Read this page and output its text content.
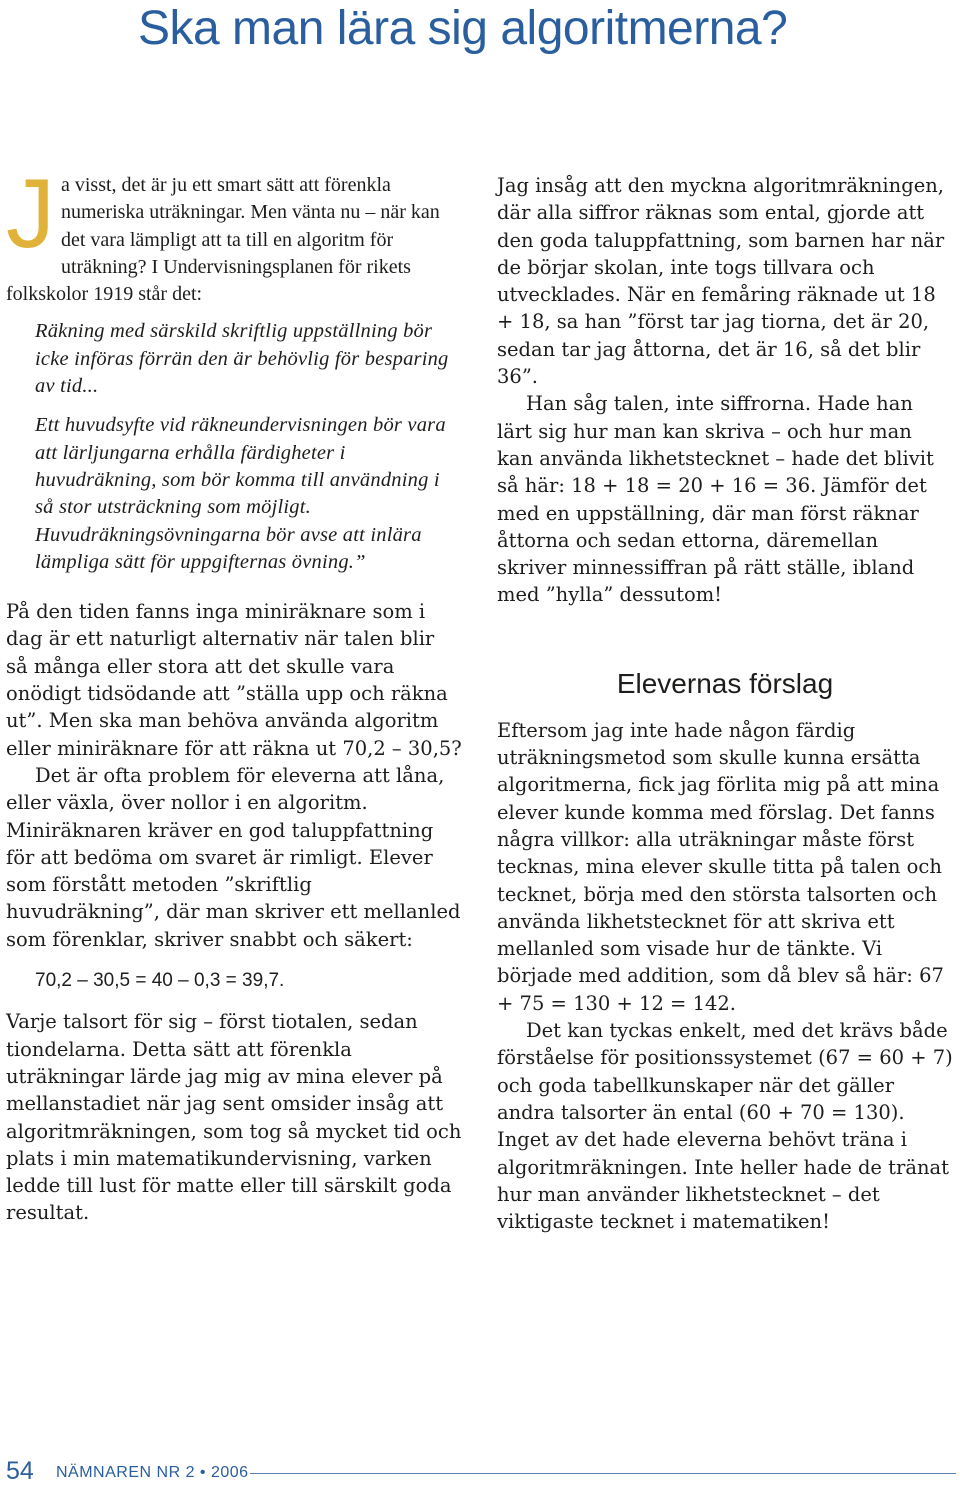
Ska man lära sig algoritmerna?

Ja visst, det är ju ett smart sätt att förenkla numeriska uträkningar. Men vänta nu – när kan det vara lämpligt att ta till en algoritm för uträkning? I Undervisningsplanen för rikets folkskolor 1919 står det:

Räkning med särskild skriftlig uppställning bör icke införas förrän den är behövlig för besparing av tid...

Ett huvudsyfte vid räkneundervisningen bör vara att lärljungarna erhålla färdigheter i huvudräkning, som bör komma till användning i så stor utsträckning som möjligt. Huvudräkningsövningarna bör avse att inlära lämpliga sätt för uppgifternas övning.”

På den tiden fanns inga miniräknare som i dag är ett naturligt alternativ när talen blir så många eller stora att det skulle vara onödigt tidsödande att ”ställa upp och räkna ut”. Men ska man behöva använda algoritm eller miniräknare för att räkna ut 70,2 – 30,5?

Det är ofta problem för eleverna att låna, eller växla, över nollor i en algoritm. Miniräknaren kräver en god taluppfattning för att bedöma om svaret är rimligt. Elever som förstått metoden ”skriftlig huvudräkning”, där man skriver ett mellanled som förenklar, skriver snabbt och säkert:

70,2 – 30,5 = 40 – 0,3 = 39,7.

Varje talsort för sig – först tiotalen, sedan tiondelarna. Detta sätt att förenkla uträkningar lärde jag mig av mina elever på mellanstadiet när jag sent omsider insåg att algoritmräkningen, som tog så mycket tid och plats i min matematikundervisning, varken ledde till lust för matte eller till särskilt goda resultat.

Jag insåg att den myckna algoritmräkningen, där alla siffror räknas som ental, gjorde att den goda taluppfattning, som barnen har när de börjar skolan, inte togs tillvara och utvecklades. När en femåring räknade ut 18 + 18, sa han ”först tar jag tiorna, det är 20, sedan tar jag åttorna, det är 16, så det blir 36”.

Han såg talen, inte siffrorna. Hade han lärt sig hur man kan skriva – och hur man kan använda likhetstecknet – hade det blivit så här: 18 + 18 = 20 + 16 = 36. Jämför det med en uppställning, där man först räknar åttorna och sedan ettorna, däremellan skriver minnessiffran på rätt ställe, ibland med ”hylla” dessutom!

Elevernas förslag

Eftersom jag inte hade någon färdig uträkningsmetod som skulle kunna ersätta algoritmerna, fick jag förlita mig på att mina elever kunde komma med förslag. Det fanns några villkor: alla uträkningar måste först tecknas, mina elever skulle titta på talen och tecknet, börja med den största talsorten och använda likhetstecknet för att skriva ett mellanled som visade hur de tänkte. Vi började med addition, som då blev så här: 67 + 75 = 130 + 12 = 142.

Det kan tyckas enkelt, med det krävs både förståelse för positionssystemet (67 = 60 + 7) och goda tabellkunskaper när det gäller andra talsorter än ental (60 + 70 = 130). Inget av det hade eleverna behövt träna i algoritmräkningen. Inte heller hade de tränat hur man använder likhetstecknet – det viktigaste tecknet i matematiken!

54 NÄMNAREN NR 2 • 2006
